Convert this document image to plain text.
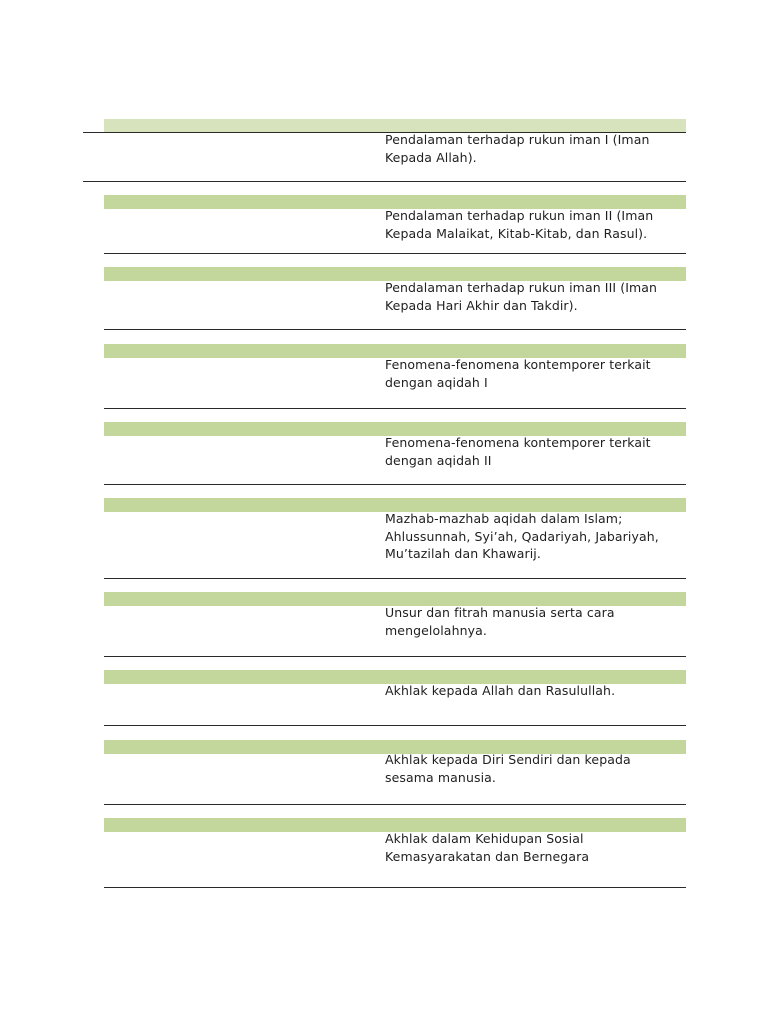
Pendalaman terhadap rukun iman I (Iman
Kepada Allah).
Pendalaman terhadap rukun iman II (Iman
Kepada Malaikat, Kitab-Kitab, dan Rasul).
Pendalaman terhadap rukun iman III (Iman
Kepada Hari Akhir dan Takdir).
Fenomena-fenomena kontemporer terkait
dengan aqidah I
Fenomena-fenomena kontemporer terkait
dengan aqidah II
Mazhab-mazhab aqidah dalam Islam;
Ahlussunnah, Syi’ah, Qadariyah, Jabariyah,
Mu’tazilah dan Khawarij.
Unsur dan fitrah manusia serta cara
mengelolahnya.
Akhlak kepada Allah dan Rasulullah.
Akhlak kepada Diri Sendiri dan kepada
sesama manusia.
Akhlak dalam Kehidupan Sosial
Kemasyarakatan dan Bernegara
